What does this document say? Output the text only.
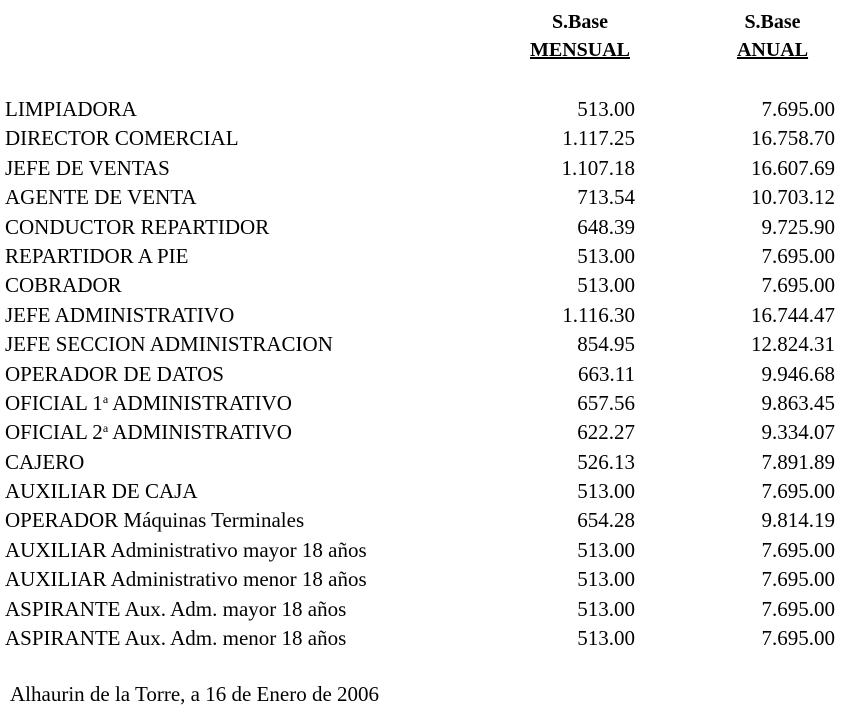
S.Base
MENSUAL
S.Base
ANUAL
LIMPIADORA	513.00	7.695.00
DIRECTOR COMERCIAL	1.117.25	16.758.70
JEFE DE VENTAS	1.107.18	16.607.69
AGENTE DE VENTA	713.54	10.703.12
CONDUCTOR REPARTIDOR	648.39	9.725.90
REPARTIDOR A PIE	513.00	7.695.00
COBRADOR	513.00	7.695.00
JEFE ADMINISTRATIVO	1.116.30	16.744.47
JEFE SECCION ADMINISTRACION	854.95	12.824.31
OPERADOR DE DATOS	663.11	9.946.68
OFICIAL 1$^a$ ADMINISTRATIVO	657.56	9.863.45
OFICIAL 2$^a$ ADMINISTRATIVO	622.27	9.334.07
CAJERO	526.13	7.891.89
AUXILIAR DE CAJA	513.00	7.695.00
OPERADOR Máquinas Terminales	654.28	9.814.19
AUXILIAR Administrativo mayor 18 años	513.00	7.695.00
AUXILIAR Administrativo menor 18 años	513.00	7.695.00
ASPIRANTE Aux. Adm. mayor 18 años	513.00	7.695.00
ASPIRANTE Aux. Adm. menor 18 años	513.00	7.695.00
Alhaurin de la Torre, a 16 de Enero de 2006
